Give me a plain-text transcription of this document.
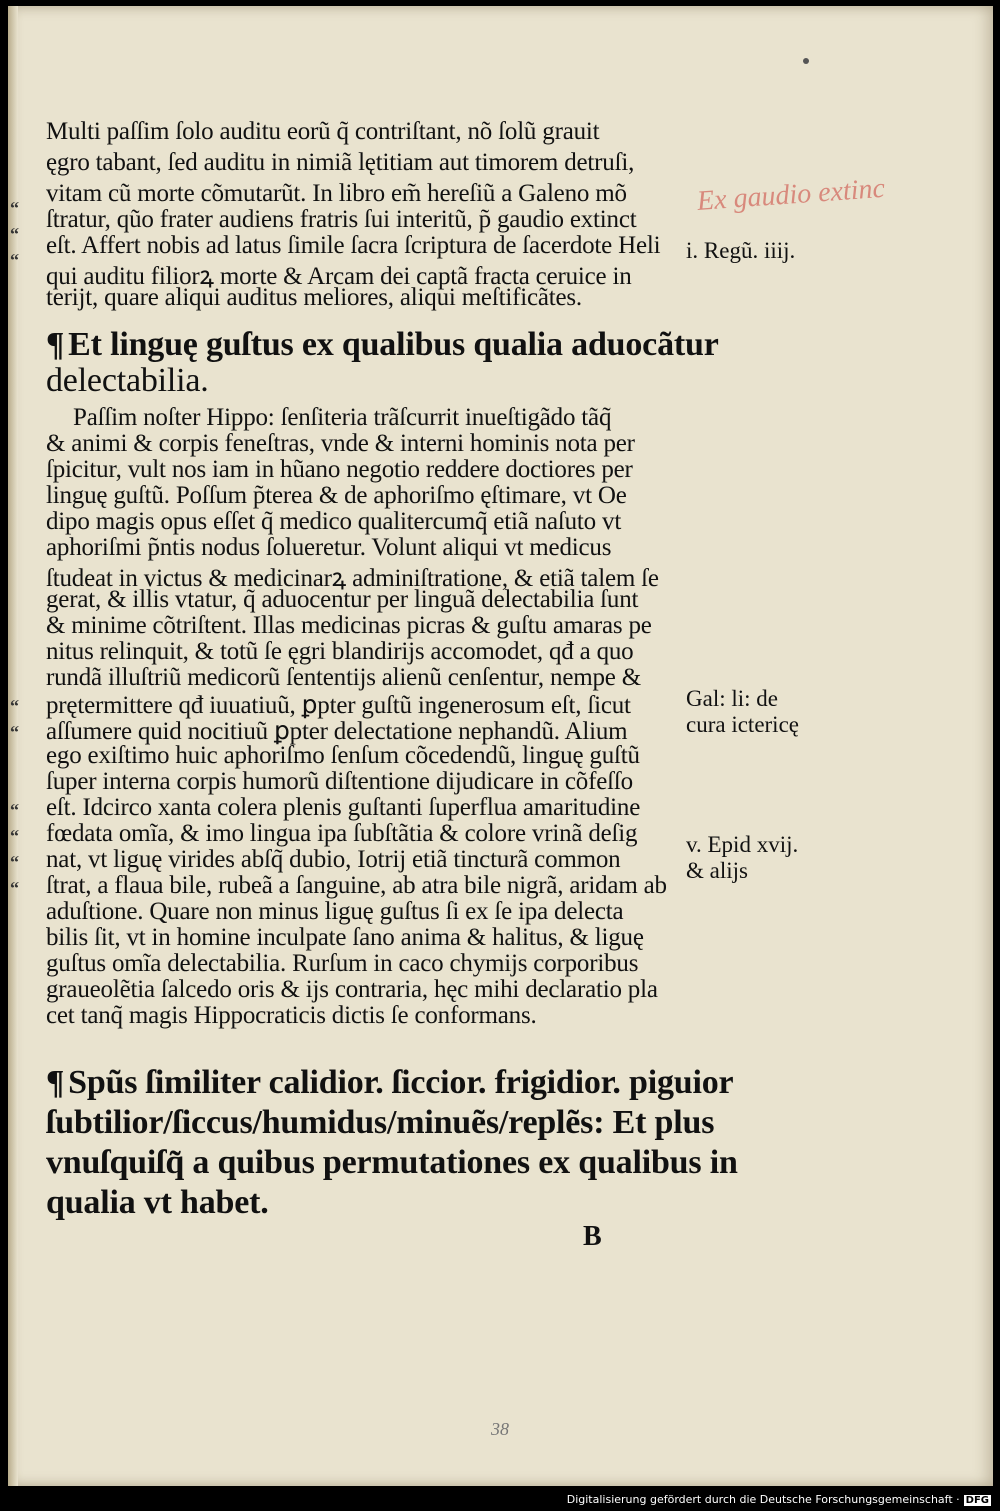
Multi paſſim ſolo auditu eorũ q̃ contriſtant, nõ ſolũ grauit
ęgro tabant, ſed auditu in nimiã lętitiam aut timorem detruſi,
vitam cũ morte cõmutarũt. In libro em̃ hereſiũ a Galeno mõ
ſtratur, qũo frater audiens fratris ſui interitũ, p̃ gaudio extinct
eſt. Affert nobis ad latus ſimile ſacra ſcriptura de ſacerdote Heli
qui auditu filiorꝝ morte & Arcam dei captã fracta ceruice in
terijt, quare aliqui auditus meliores, aliqui meſtificãtes.
¶ Et linguę guſtus ex qualibus qualia aduocãtur
delectabilia.
Paſſim noſter Hippo: ſenſiteria trãſcurrit inueſtigãdo tãq̃
& animi & corpis feneſtras, vnde & interni hominis nota per
ſpicitur, vult nos iam in hũano negotio reddere doctiores per
linguę guſtũ. Poſſum p̃terea & de aphoriſmo ęſtimare, vt Oe
dipo magis opus eſſet q̃ medico qualitercumq̃ etiã naſuto vt
aphoriſmi p̃ntis nodus ſolueretur. Volunt aliqui vt medicus
ſtudeat in victus & medicinarꝝ adminiſtratione, & etiã talem ſe
gerat, & illis vtatur, q̃ aduocentur per linguã delectabilia ſunt
& minime cõtriſtent. Illas medicinas picras & guſtu amaras pe
nitus relinquit, & totũ ſe ęgri blandirijs accomodet, qđ a quo
rundã illuſtriũ medicorũ ſententijs alienũ cenſentur, nempe &
prętermittere qđ iuuatiuũ, ꝑpter guſtũ ingenerosum eſt, ſicut
aſſumere quid nocitiuũ ꝑpter delectatione nephandũ. Alium
ego exiſtimo huic aphoriſmo ſenſum cõcedendũ, linguę guſtũ
ſuper interna corpis humorũ diſtentione dijudicare in cõfeſſo
eſt. Idcirco xanta colera plenis guſtanti ſuperflua amaritudine
fœdata omĩa, & imo lingua ipa ſubſtãtia & colore vrinã deſig
nat, vt liguę virides abſq̃ dubio, Iotrij etiã tincturã common
ſtrat, a flaua bile, rubeã a ſanguine, ab atra bile nigrã, aridam ab
aduſtione. Quare non minus liguę guſtus ſi ex ſe ipa delecta
bilis ſit, vt in homine inculpate ſano anima & halitus, & liguę
guſtus omĩa delectabilia. Rurſum in caco chymijs corporibus
graueolẽtia ſalcedo oris & ijs contraria, hęc mihi declaratio pla
cet tanq̃ magis Hippocraticis dictis ſe conformans.
¶ Spũs ſimiliter calidior. ſiccior. frigidior. piguior
ſubtilior/ſiccus/humidus/minuẽs/replẽs: Et plus
vnuſquiſq̃ a quibus permutationes ex qualibus in
qualia vt habet.
“
“
“
“
“
“
“
“
“
Ex gaudio extinc
i. Regũ. iiij.
Gal: li: de
cura ictericę
v. Epid xvij.
& alijs
B
38
Digitalisierung gefördert durch die Deutsche Forschungsgemeinschaft · DFG
